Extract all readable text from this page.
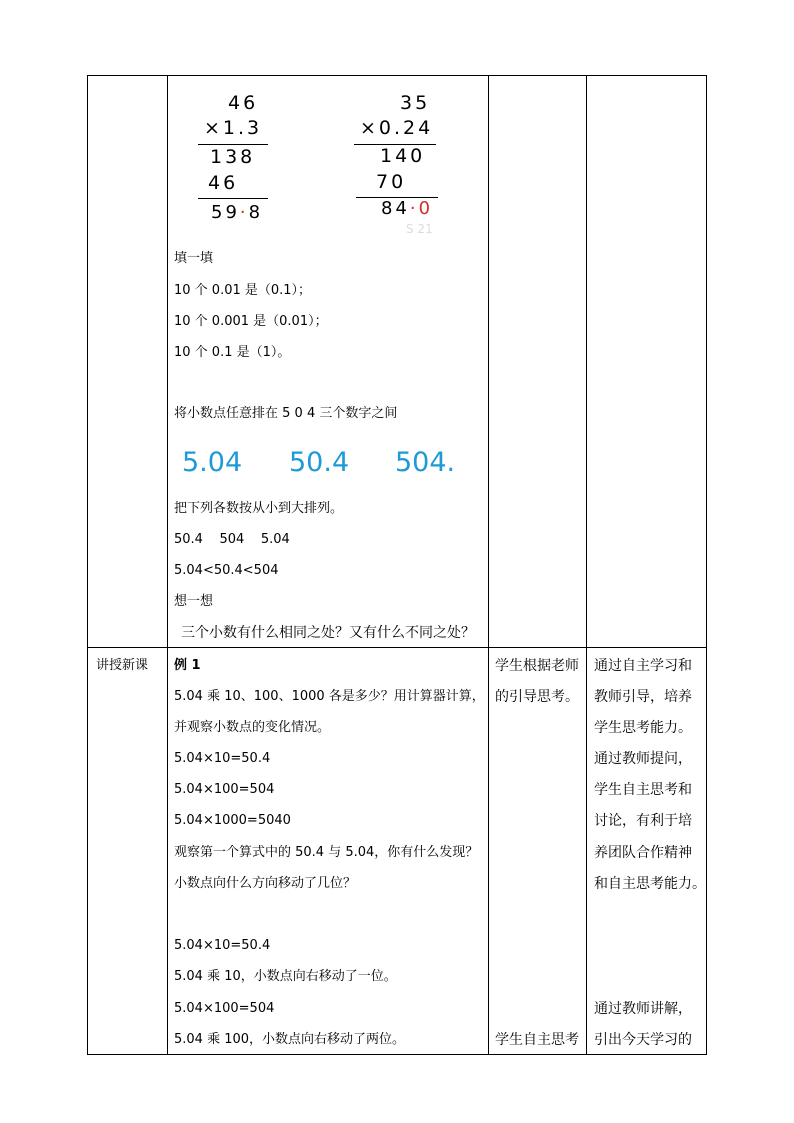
46
×1.3
138
46
59·8
35
×0.24
140
70
84·0
S 21
填一填
10 个 0.01 是（0.1）；
10 个 0.001 是（0.01）；
10 个 0.1 是（1）。
将小数点任意排在 5 0 4 三个数字之间
5.04 50.4 504.
把下列各数按从小到大排列。
50.4    504    5.04
5.04<50.4<504
想一想
三个小数有什么相同之处？又有什么不同之处？
讲授新课 例 1
5.04 乘 10、100、1000 各是多少？用计算器计算，
并观察小数点的变化情况。
5.04×10=50.4
5.04×100=504
5.04×1000=5040
观察第一个算式中的 50.4 与 5.04，你有什么发现？
小数点向什么方向移动了几位？
5.04×10=50.4
5.04 乘 10，小数点向右移动了一位。
5.04×100=504
5.04 乘 100，小数点向右移动了两位。
学生根据老师
的引导思考。
学生自主思考
通过自主学习和
教师引导，培养
学生思考能力。
通过教师提问，
学生自主思考和
讨论，有利于培
养团队合作精神
和自主思考能力。
通过教师讲解，
引出今天学习的
